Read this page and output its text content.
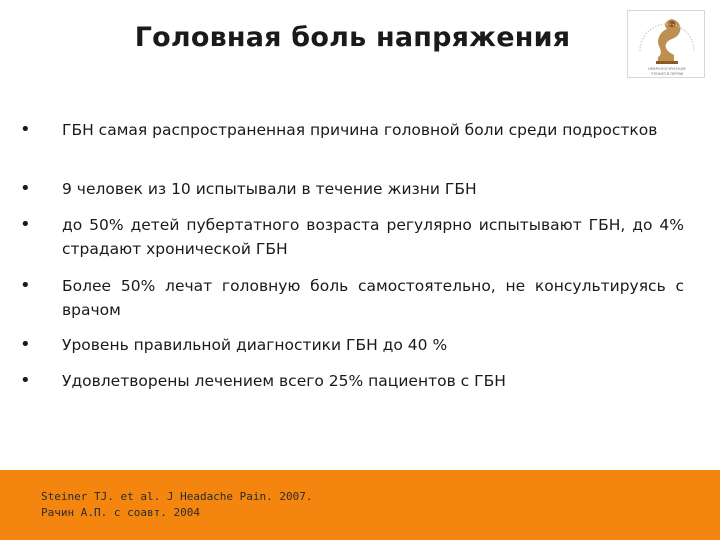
Головная боль напряжения
НЕВРОЛОГИЧЕСКИЕ
ЧТЕНИЯ В ПЕРМИ
• ГБН самая распространенная причина головной боли среди подростков
• 9 человек из 10 испытывали в течение жизни ГБН
• до 50% детей пубертатного возраста регулярно испытывают ГБН, до 4% страдают хронической ГБН
• Более 50% лечат головную боль самостоятельно, не консультируясь с врачом
• Уровень правильной диагностики ГБН до 40 %
• Удовлетворены лечением всего 25% пациентов с ГБН
Steiner TJ. et al. J Headache Pain. 2007.
Рачин А.П. с соавт. 2004
